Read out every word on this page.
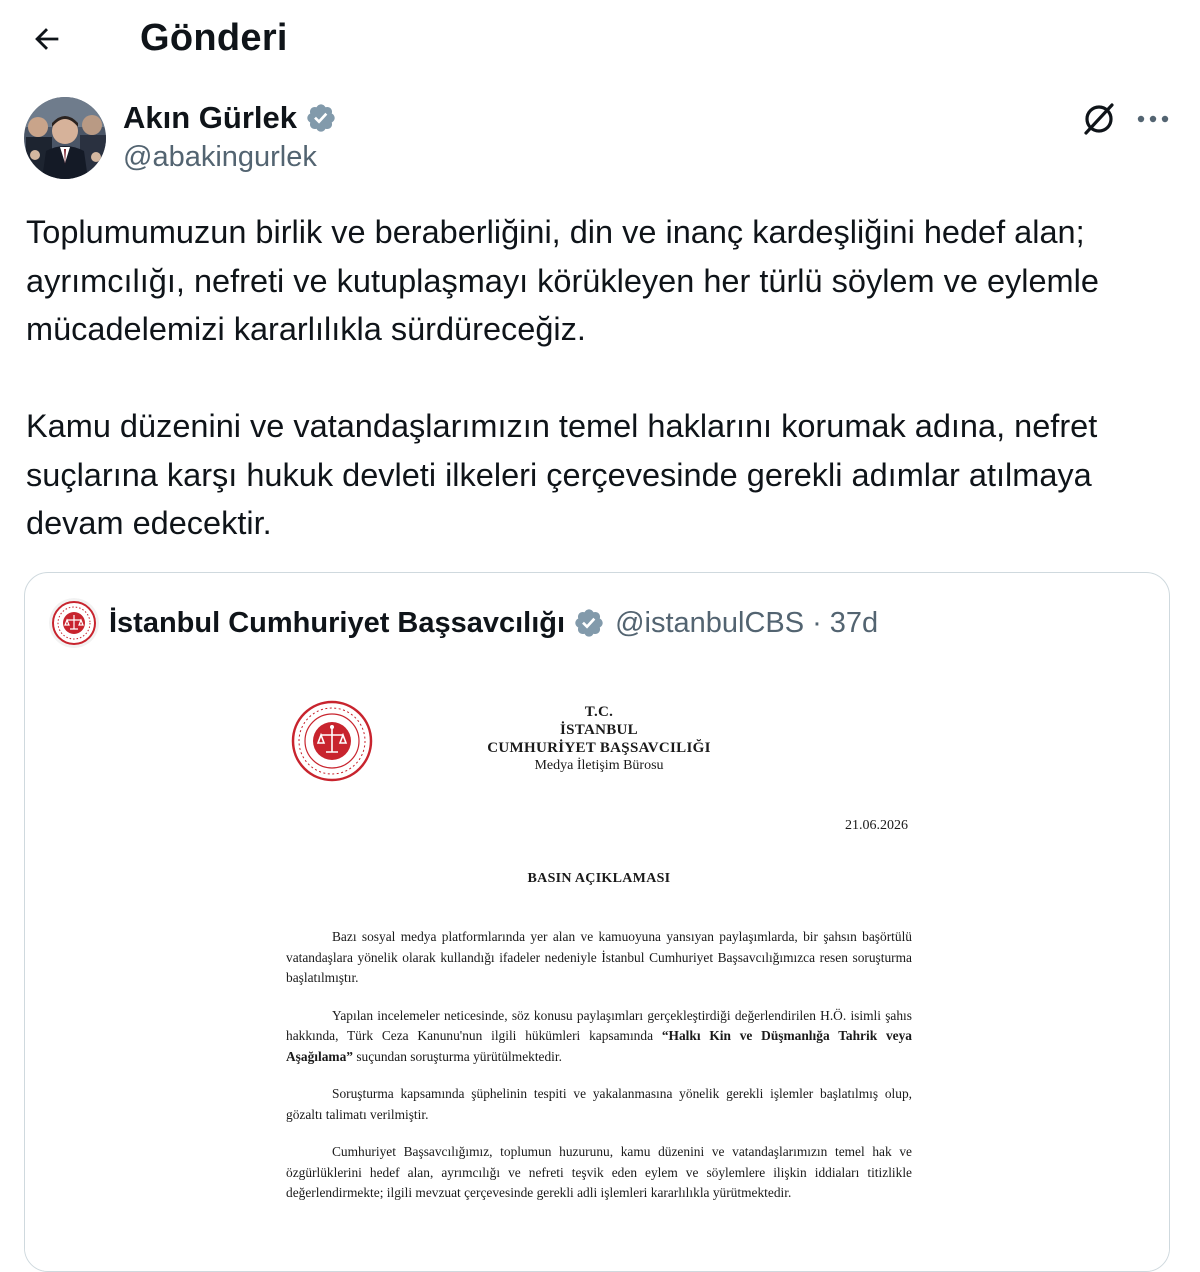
Gönderi
Akın Gürlek
@abakingurlek

Toplumumuzun birlik ve beraberliğini, din ve inanç kardeşliğini hedef alan; ayrımcılığı, nefreti ve kutuplaşmayı körükleyen her türlü söylem ve eylemle mücadelemizi kararlılıkla sürdüreceğiz.

Kamu düzenini ve vatandaşlarımızın temel haklarını korumak adına, nefret suçlarına karşı hukuk devleti ilkeleri çerçevesinde gerekli adımlar atılmaya devam edecektir.

İstanbul Cumhuriyet Başsavcılığı @istanbulCBS · 37d
T.C.
İSTANBUL
CUMHURİYET BAŞSAVCILIĞI
Medya İletişim Bürosu
21.06.2026
BASIN AÇIKLAMASI

Bazı sosyal medya platformlarında yer alan ve kamuoyuna yansıyan paylaşımlarda, bir şahsın başörtülü vatandaşlara yönelik olarak kullandığı ifadeler nedeniyle İstanbul Cumhuriyet Başsavcılığımızca resen soruşturma başlatılmıştır.

Yapılan incelemeler neticesinde, söz konusu paylaşımları gerçekleştirdiği değerlendirilen H.Ö. isimli şahıs hakkında, Türk Ceza Kanunu'nun ilgili hükümleri kapsamında “Halkı Kin ve Düşmanlığa Tahrik veya Aşağılama” suçundan soruşturma yürütülmektedir.

Soruşturma kapsamında şüphelinin tespiti ve yakalanmasına yönelik gerekli işlemler başlatılmış olup, gözaltı talimatı verilmiştir.

Cumhuriyet Başsavcılığımız, toplumun huzurunu, kamu düzenini ve vatandaşlarımızın temel hak ve özgürlüklerini hedef alan, ayrımcılığı ve nefreti teşvik eden eylem ve söylemlere ilişkin iddiaları titizlikle değerlendirmekte; ilgili mevzuat çerçevesinde gerekli adli işlemleri kararlılıkla yürütmektedir.
